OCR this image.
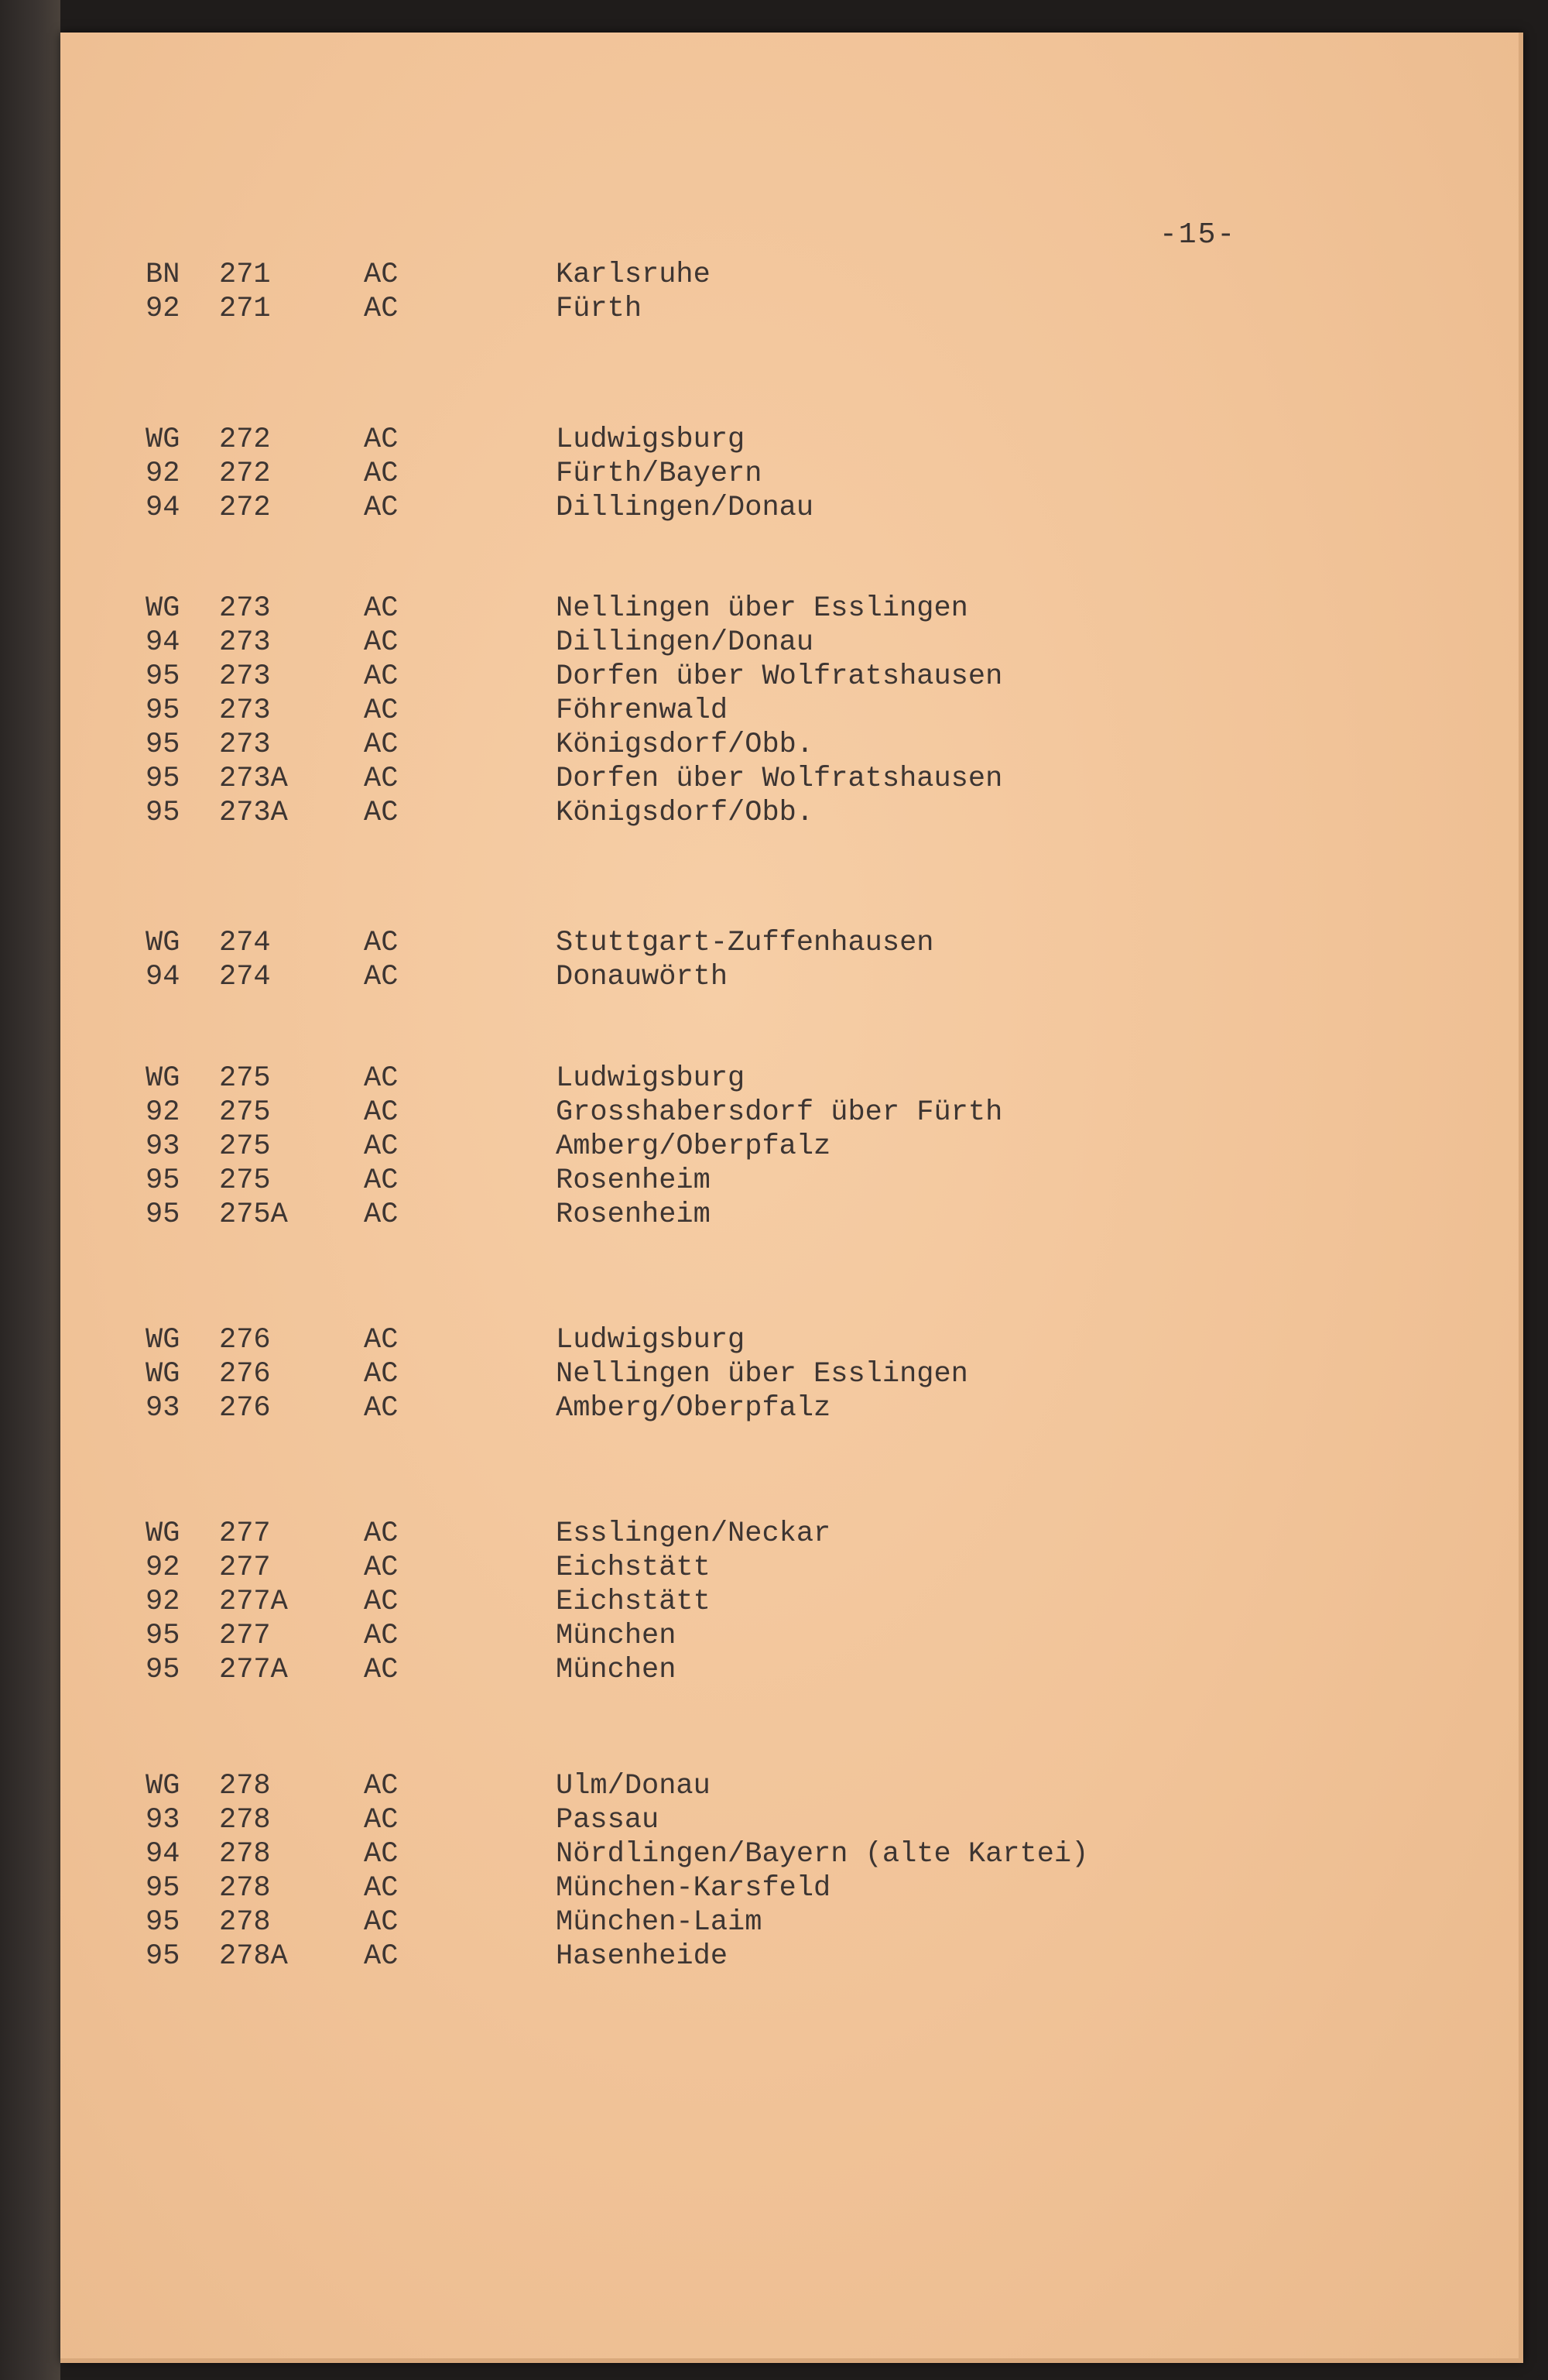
-15-
BN 271	AC	Karlsruhe
92 271	AC	Fürth
WG 272	AC	Ludwigsburg
92 272	AC	Fürth/Bayern
94 272	AC	Dillingen/Donau
WG 273	AC	Nellingen über Esslingen
94 273	AC	Dillingen/Donau
95 273	AC	Dorfen über Wolfratshausen
95 273	AC	Föhrenwald
95 273	AC	Königsdorf/Obb.
95 273A	AC	Dorfen über Wolfratshausen
95 273A	AC	Königsdorf/Obb.
WG 274	AC	Stuttgart-Zuffenhausen
94 274	AC	Donauwörth
WG 275	AC	Ludwigsburg
92 275	AC	Grosshabersdorf über Fürth
93 275	AC	Amberg/Oberpfalz
95 275	AC	Rosenheim
95 275A	AC	Rosenheim
WG 276	AC	Ludwigsburg
WG 276	AC	Nellingen über Esslingen
93 276	AC	Amberg/Oberpfalz
WG 277	AC	Esslingen/Neckar
92 277	AC	Eichstätt
92 277A	AC	Eichstätt
95 277	AC	München
95 277A	AC	München
WG 278	AC	Ulm/Donau
93 278	AC	Passau
94 278	AC	Nördlingen/Bayern (alte Kartei)
95 278	AC	München-Karsfeld
95 278	AC	München-Laim
95 278A	AC	Hasenheide
